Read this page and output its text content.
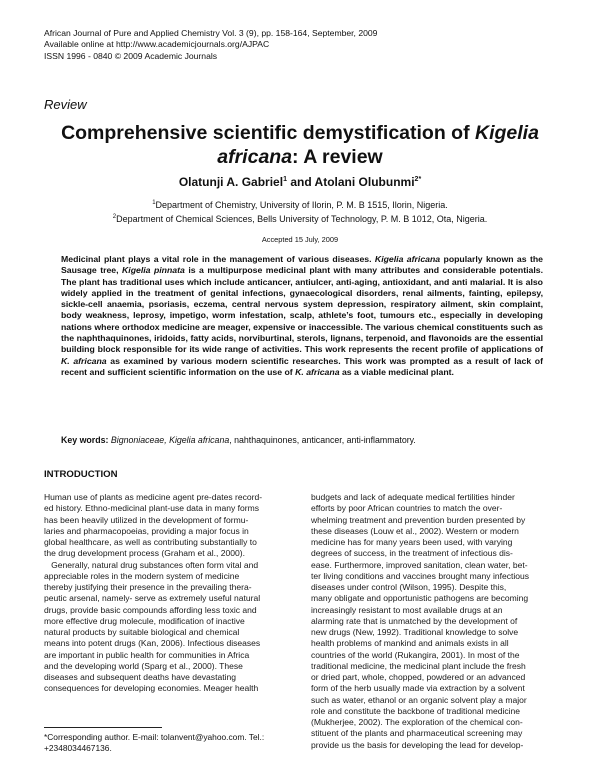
African Journal of Pure and Applied Chemistry Vol. 3 (9), pp. 158-164, September, 2009
Available online at http://www.academicjournals.org/AJPAC
ISSN 1996 - 0840 © 2009 Academic Journals
Review
Comprehensive scientific demystification of Kigelia
africana: A review
Olatunji A. Gabriel$^1$ and Atolani Olubunmi$^{2*}$
$^1$Department of Chemistry, University of Ilorin, P. M. B 1515, Ilorin, Nigeria.
$^2$Department of Chemical Sciences, Bells University of Technology, P. M. B 1012, Ota, Nigeria.
Accepted 15 July, 2009
Medicinal plant plays a vital role in the management of various diseases. Kigelia africana popularly known as the Sausage tree, Kigelia pinnata is a multipurpose medicinal plant with many attributes and considerable potentials. The plant has traditional uses which include anticancer, antiulcer, anti-aging, antioxidant, and anti malarial. It is also widely applied in the treatment of genital infections, gynaecological disorders, renal ailments, fainting, epilepsy, sickle-cell anaemia, psoriasis, eczema, central nervous system depression, respiratory ailment, skin complaint, body weakness, leprosy, impetigo, worm infestation, scalp, athlete’s foot, tumours etc., especially in developing nations where orthodox medicine are meager, expensive or inaccessible. The various chemical constituents such as the naphthaquinones, iridoids, fatty acids, norviburtinal, sterols, lignans, terpenoid, and flavonoids are the essential building block responsible for its wide range of activities. This work represents the recent profile of applications of K. africana as examined by various modern scientific researches. This work was prompted as a result of lack of recent and sufficient scientific information on the use of K. africana as a viable medicinal plant.
Key words: Bignoniaceae, Kigelia africana, nahthaquinones, anticancer, anti-inflammatory.
INTRODUCTION
Human use of plants as medicine agent pre-dates record-
ed history. Ethno-medicinal plant-use data in many forms
has been heavily utilized in the development of formu-
laries and pharmacopoeias, providing a major focus in
global healthcare, as well as contributing substantially to
the drug development process (Graham et al., 2000).
Generally, natural drug substances often form vital and
appreciable roles in the modern system of medicine
thereby justifying their presence in the prevailing thera-
peutic arsenal, namely- serve as extremely useful natural
drugs, provide basic compounds affording less toxic and
more effective drug molecule, modification of inactive
natural products by suitable biological and chemical
means into potent drugs (Kan, 2006). Infectious diseases
are important in public health for communities in Africa
and the developing world (Sparg et al., 2000). These
diseases and subsequent deaths have devastating
consequences for developing economies. Meager health
budgets and lack of adequate medical fertilities hinder
efforts by poor African countries to match the over-
whelming treatment and prevention burden presented by
these diseases (Louw et al., 2002). Western or modern
medicine has for many years been used, with varying
degrees of success, in the treatment of infectious dis-
ease. Furthermore, improved sanitation, clean water, bet-
ter living conditions and vaccines brought many infectious
diseases under control (Wilson, 1995). Despite this,
many obligate and opportunistic pathogens are becoming
increasingly resistant to most available drugs at an
alarming rate that is unmatched by the development of
new drugs (New, 1992). Traditional knowledge to solve
health problems of mankind and animals exists in all
countries of the world (Rukangira, 2001). In most of the
traditional medicine, the medicinal plant include the fresh
or dried part, whole, chopped, powdered or an advanced
form of the herb usually made via extraction by a solvent
such as water, ethanol or an organic solvent play a major
role and constitute the backbone of traditional medicine
(Mukherjee, 2002). The exploration of the chemical con-
stituent of the plants and pharmaceutical screening may
provide us the basis for developing the lead for develop-
*Corresponding author. E-mail: tolanvent@yahoo.com. Tel.:
+2348034467136.
